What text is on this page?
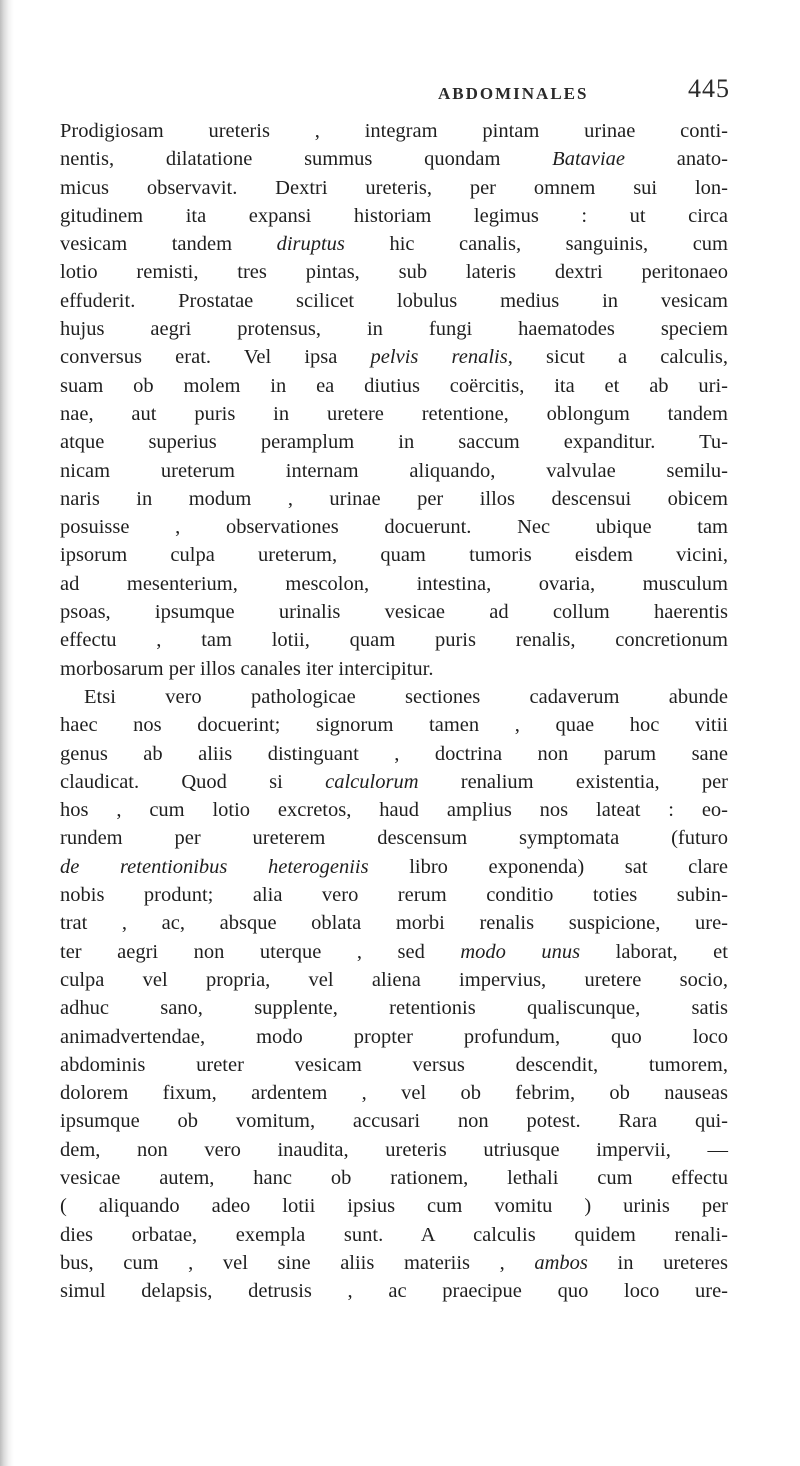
ABDOMINALES	445
Prodigiosam ureteris , integram pintam urinae conti-
nentis, dilatatione summus quondam Bataviae anato-
micus observavit. Dextri ureteris, per omnem sui lon-
gitudinem ita expansi historiam legimus : ut circa
vesicam tandem diruptus hic canalis, sanguinis, cum
lotio remisti, tres pintas, sub lateris dextri peritonaeo
effuderit. Prostatae scilicet lobulus medius in vesicam
hujus aegri protensus, in fungi haematodes speciem
conversus erat. Vel ipsa pelvis renalis, sicut a calculis,
suam ob molem in ea diutius coërcitis, ita et ab uri-
nae, aut puris in uretere retentione, oblongum tandem
atque superius peramplum in saccum expanditur. Tu-
nicam ureterum internam aliquando, valvulae semilu-
naris in modum , urinae per illos descensui obicem
posuisse , observationes docuerunt. Nec ubique tam
ipsorum culpa ureterum, quam tumoris eisdem vicini,
ad mesenterium, mescolon, intestina, ovaria, musculum
psoas, ipsumque urinalis vesicae ad collum haerentis
effectu , tam lotii, quam puris renalis, concretionum
morbosarum per illos canales iter intercipitur.
Etsi vero pathologicae sectiones cadaverum abunde
haec nos docuerint; signorum tamen , quae hoc vitii
genus ab aliis distinguant , doctrina non parum sane
claudicat. Quod si calculorum renalium existentia, per
hos , cum lotio excretos, haud amplius nos lateat : eo-
rundem per ureterem descensum symptomata (futuro
de retentionibus heterogeniis libro exponenda) sat clare
nobis produnt; alia vero rerum conditio toties subin-
trat , ac, absque oblata morbi renalis suspicione, ure-
ter aegri non uterque , sed modo unus laborat, et
culpa vel propria, vel aliena impervius, uretere socio,
adhuc sano, supplente, retentionis qualiscunque, satis
animadvertendae, modo propter profundum, quo loco
abdominis ureter vesicam versus descendit, tumorem,
dolorem fixum, ardentem , vel ob febrim, ob nauseas
ipsumque ob vomitum, accusari non potest. Rara qui-
dem, non vero inaudita, ureteris utriusque impervii, —
vesicae autem, hanc ob rationem, lethali cum effectu
( aliquando adeo lotii ipsius cum vomitu ) urinis per
dies orbatae, exempla sunt. A calculis quidem renali-
bus, cum , vel sine aliis materiis , ambos in ureteres
simul delapsis, detrusis , ac praecipue quo loco ure-
